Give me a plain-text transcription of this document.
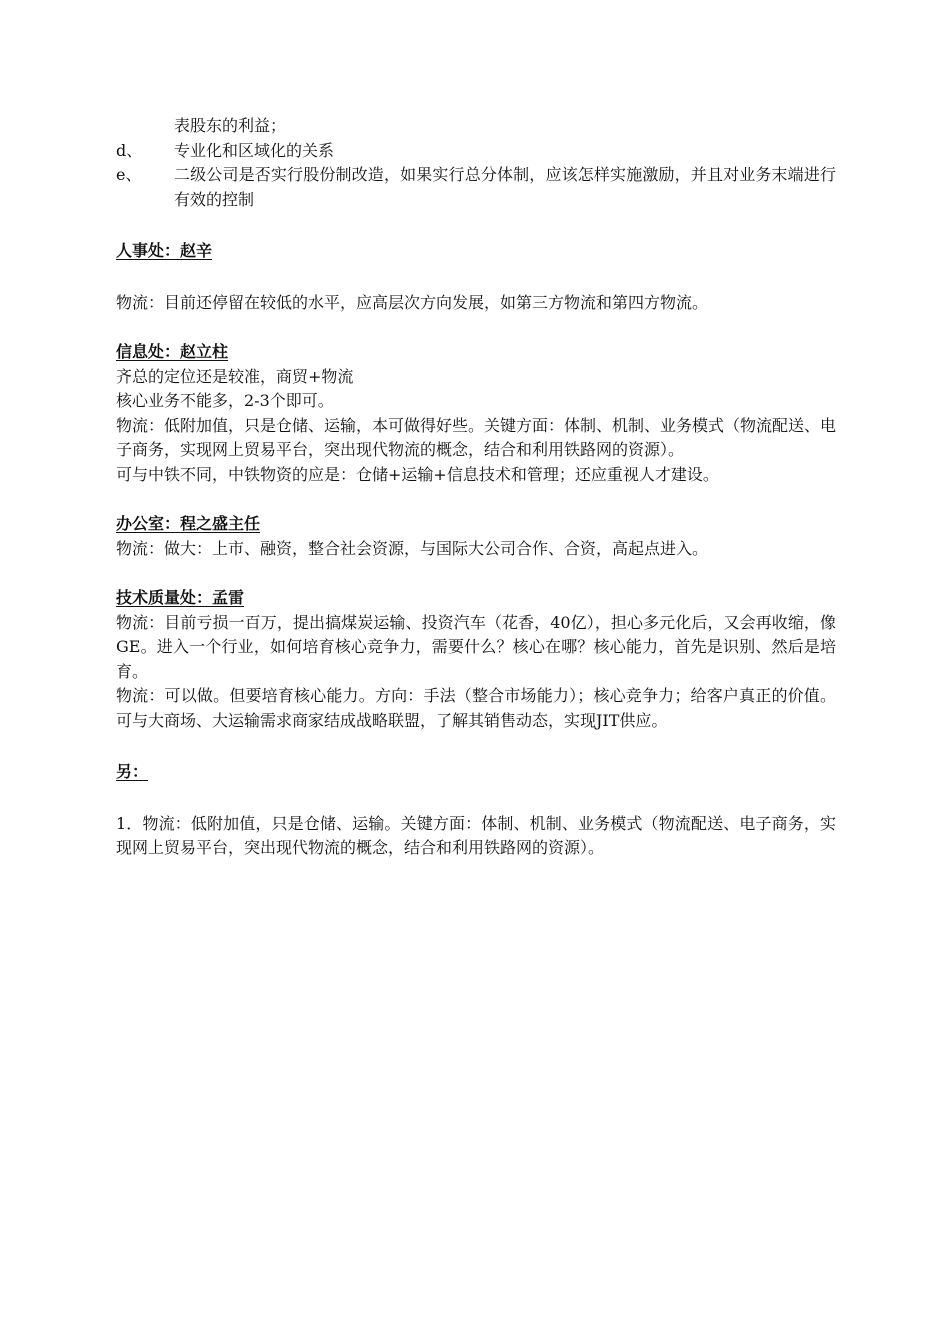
表股东的利益；

d、	专业化和区域化的关系
e、	二级公司是否实行股份制改造，如果实行总分体制，应该怎样实施激励，并且对业务末端进行有效的控制

人事处：赵辛

物流：目前还停留在较低的水平，应高层次方向发展，如第三方物流和第四方物流。

信息处：赵立柱

齐总的定位还是较准，商贸+物流

核心业务不能多，2-3个即可。

物流：低附加值，只是仓储、运输，本可做得好些。关键方面：体制、机制、业务模式（物流配送、电子商务，实现网上贸易平台，突出现代物流的概念，结合和利用铁路网的资源）。

可与中铁不同，中铁物资的应是：仓储+运输+信息技术和管理；还应重视人才建设。

办公室：程之盛主任

物流：做大：上市、融资，整合社会资源，与国际大公司合作、合资，高起点进入。

技术质量处：孟雷

物流：目前亏损一百万，提出搞煤炭运输、投资汽车（花香，40亿），担心多元化后，又会再收缩，像GE。进入一个行业，如何培育核心竞争力，需要什么？核心在哪？核心能力，首先是识别、然后是培育。

物流：可以做。但要培育核心能力。方向：手法（整合市场能力）；核心竞争力；给客户真正的价值。可与大商场、大运输需求商家结成战略联盟，了解其销售动态，实现JIT供应。

另：

1．物流：低附加值，只是仓储、运输。关键方面：体制、机制、业务模式（物流配送、电子商务，实现网上贸易平台，突出现代物流的概念，结合和利用铁路网的资源）。
